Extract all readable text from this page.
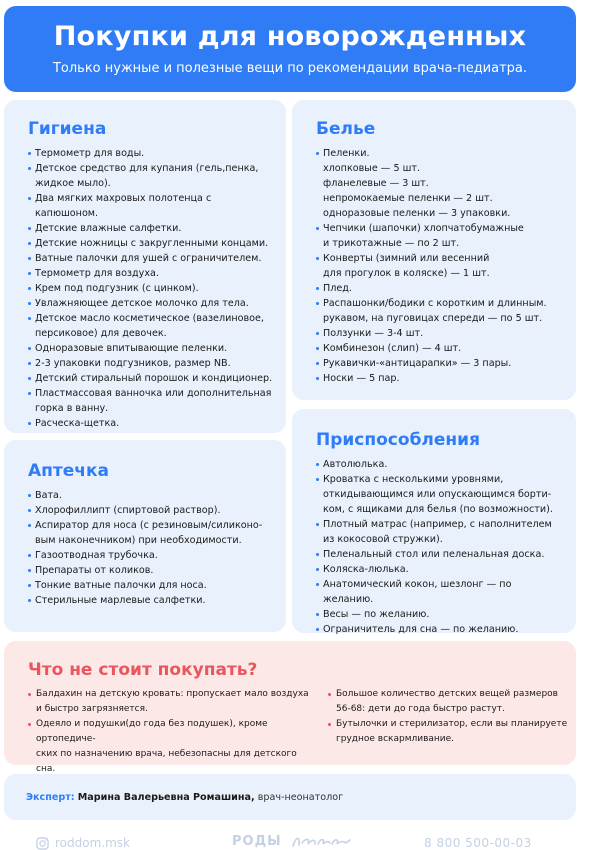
Покупки для новорожденных

Только нужные и полезные вещи по рекомендации врача-педиатра.

Гигиена
Термометр для воды.
Детское средство для купания (гель,пенка,
жидкое мыло).
Два мягких махровых полотенца с капюшоном.
Детские влажные салфетки.
Детские ножницы с закругленными концами.
Ватные палочки для ушей с ограничителем.
Термометр для воздуха.
Крем под подгузник (с цинком).
Увлажняющее детское молочко для тела.
Детское масло косметическое (вазелиновое,
персиковое) для девочек.
Одноразовые впитывающие пеленки.
2-3 упаковки подгузников, размер NB.
Детский стиральный порошок и кондиционер.
Пластмассовая ванночка или дополнительная
горка в ванну.
Расческа-щетка.
Белье
Пеленки.
хлопковые — 5 шт.
фланелевые — 3 шт.
непромокаемые пеленки — 2 шт.
одноразовые пеленки — 3 упаковки.
Чепчики (шапочки) хлопчатобумажные
и трикотажные — по 2 шт.
Конверты (зимний или весенний
для прогулок в коляске) — 1 шт.
Плед.
Распашонки/бодики с коротким и длинным.
рукавом, на пуговицах спереди — по 5 шт.
Ползунки — 3-4 шт.
Комбинезон (слип) — 4 шт.
Рукавички-«антицарапки» — 3 пары.
Носки — 5 пар.
Аптечка
Вата.
Хлорофиллипт (спиртовой раствор).
Аспиратор для носа (с резиновым/силиконо-
вым наконечником) при необходимости.
Газоотводная трубочка.
Препараты от коликов.
Тонкие ватные палочки для носа.
Стерильные марлевые салфетки.
Приспособления
Автолюлька.
Кроватка с несколькими уровнями,
откидывающимся или опускающимся борти-
ком, с ящиками для белья (по возможности).
Плотный матрас (например, с наполнителем
из кокосовой стружки).
Пеленальный стол или пеленальная доска.
Коляска-люлька.
Анатомический кокон, шезлонг — по желанию.
Весы — по желанию.
Ограничитель для сна — по желанию.
Что не стоит покупать?
Балдахин на детскую кровать: пропускает мало воздуха
и быстро загрязняется.
Одеяло и подушки(до года без подушек), кроме ортопедиче-
ских по назначению врача, небезопасны для детского сна.
Большое количество детских вещей размеров
56-68: дети до года быстро растут.
Бутылочки и стерилизатор, если вы планируете
грудное вскармливание.
Эксперт: Марина Валерьевна Ромашина, врач-неонатолог
roddom.msk	РОДЫ	8 800 500-00-03
